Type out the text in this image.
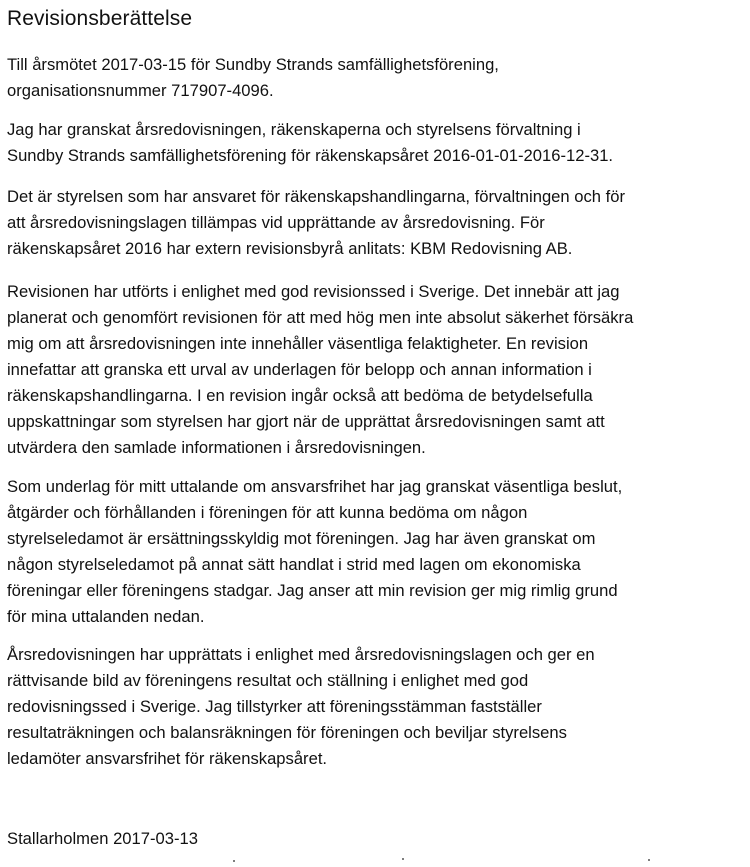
Revisionsberättelse
Till årsmötet 2017-03-15 för Sundby Strands samfällighetsförening,
organisationsnummer 717907-4096.
Jag har granskat årsredovisningen, räkenskaperna och styrelsens förvaltning i
Sundby Strands samfällighetsförening för räkenskapsåret 2016-01-01-2016-12-31.
Det är styrelsen som har ansvaret för räkenskapshandlingarna, förvaltningen och för
att årsredovisningslagen tillämpas vid upprättande av årsredovisning. För
räkenskapsåret 2016 har extern revisionsbyrå anlitats: KBM Redovisning AB.
Revisionen har utförts i enlighet med god revisionssed i Sverige. Det innebär att jag
planerat och genomfört revisionen för att med hög men inte absolut säkerhet försäkra
mig om att årsredovisningen inte innehåller väsentliga felaktigheter. En revision
innefattar att granska ett urval av underlagen för belopp och annan information i
räkenskapshandlingarna. I en revision ingår också att bedöma de betydelsefulla
uppskattningar som styrelsen har gjort när de upprättat årsredovisningen samt att
utvärdera den samlade informationen i årsredovisningen.
Som underlag för mitt uttalande om ansvarsfrihet har jag granskat väsentliga beslut,
åtgärder och förhållanden i föreningen för att kunna bedöma om någon
styrelseledamot är ersättningsskyldig mot föreningen. Jag har även granskat om
någon styrelseledamot på annat sätt handlat i strid med lagen om ekonomiska
föreningar eller föreningens stadgar. Jag anser att min revision ger mig rimlig grund
för mina uttalanden nedan.
Årsredovisningen har upprättats i enlighet med årsredovisningslagen och ger en
rättvisande bild av föreningens resultat och ställning i enlighet med god
redovisningssed i Sverige. Jag tillstyrker att föreningsstämman fastställer
resultaträkningen och balansräkningen för föreningen och beviljar styrelsens
ledamöter ansvarsfrihet för räkenskapsåret.
Stallarholmen 2017-03-13
